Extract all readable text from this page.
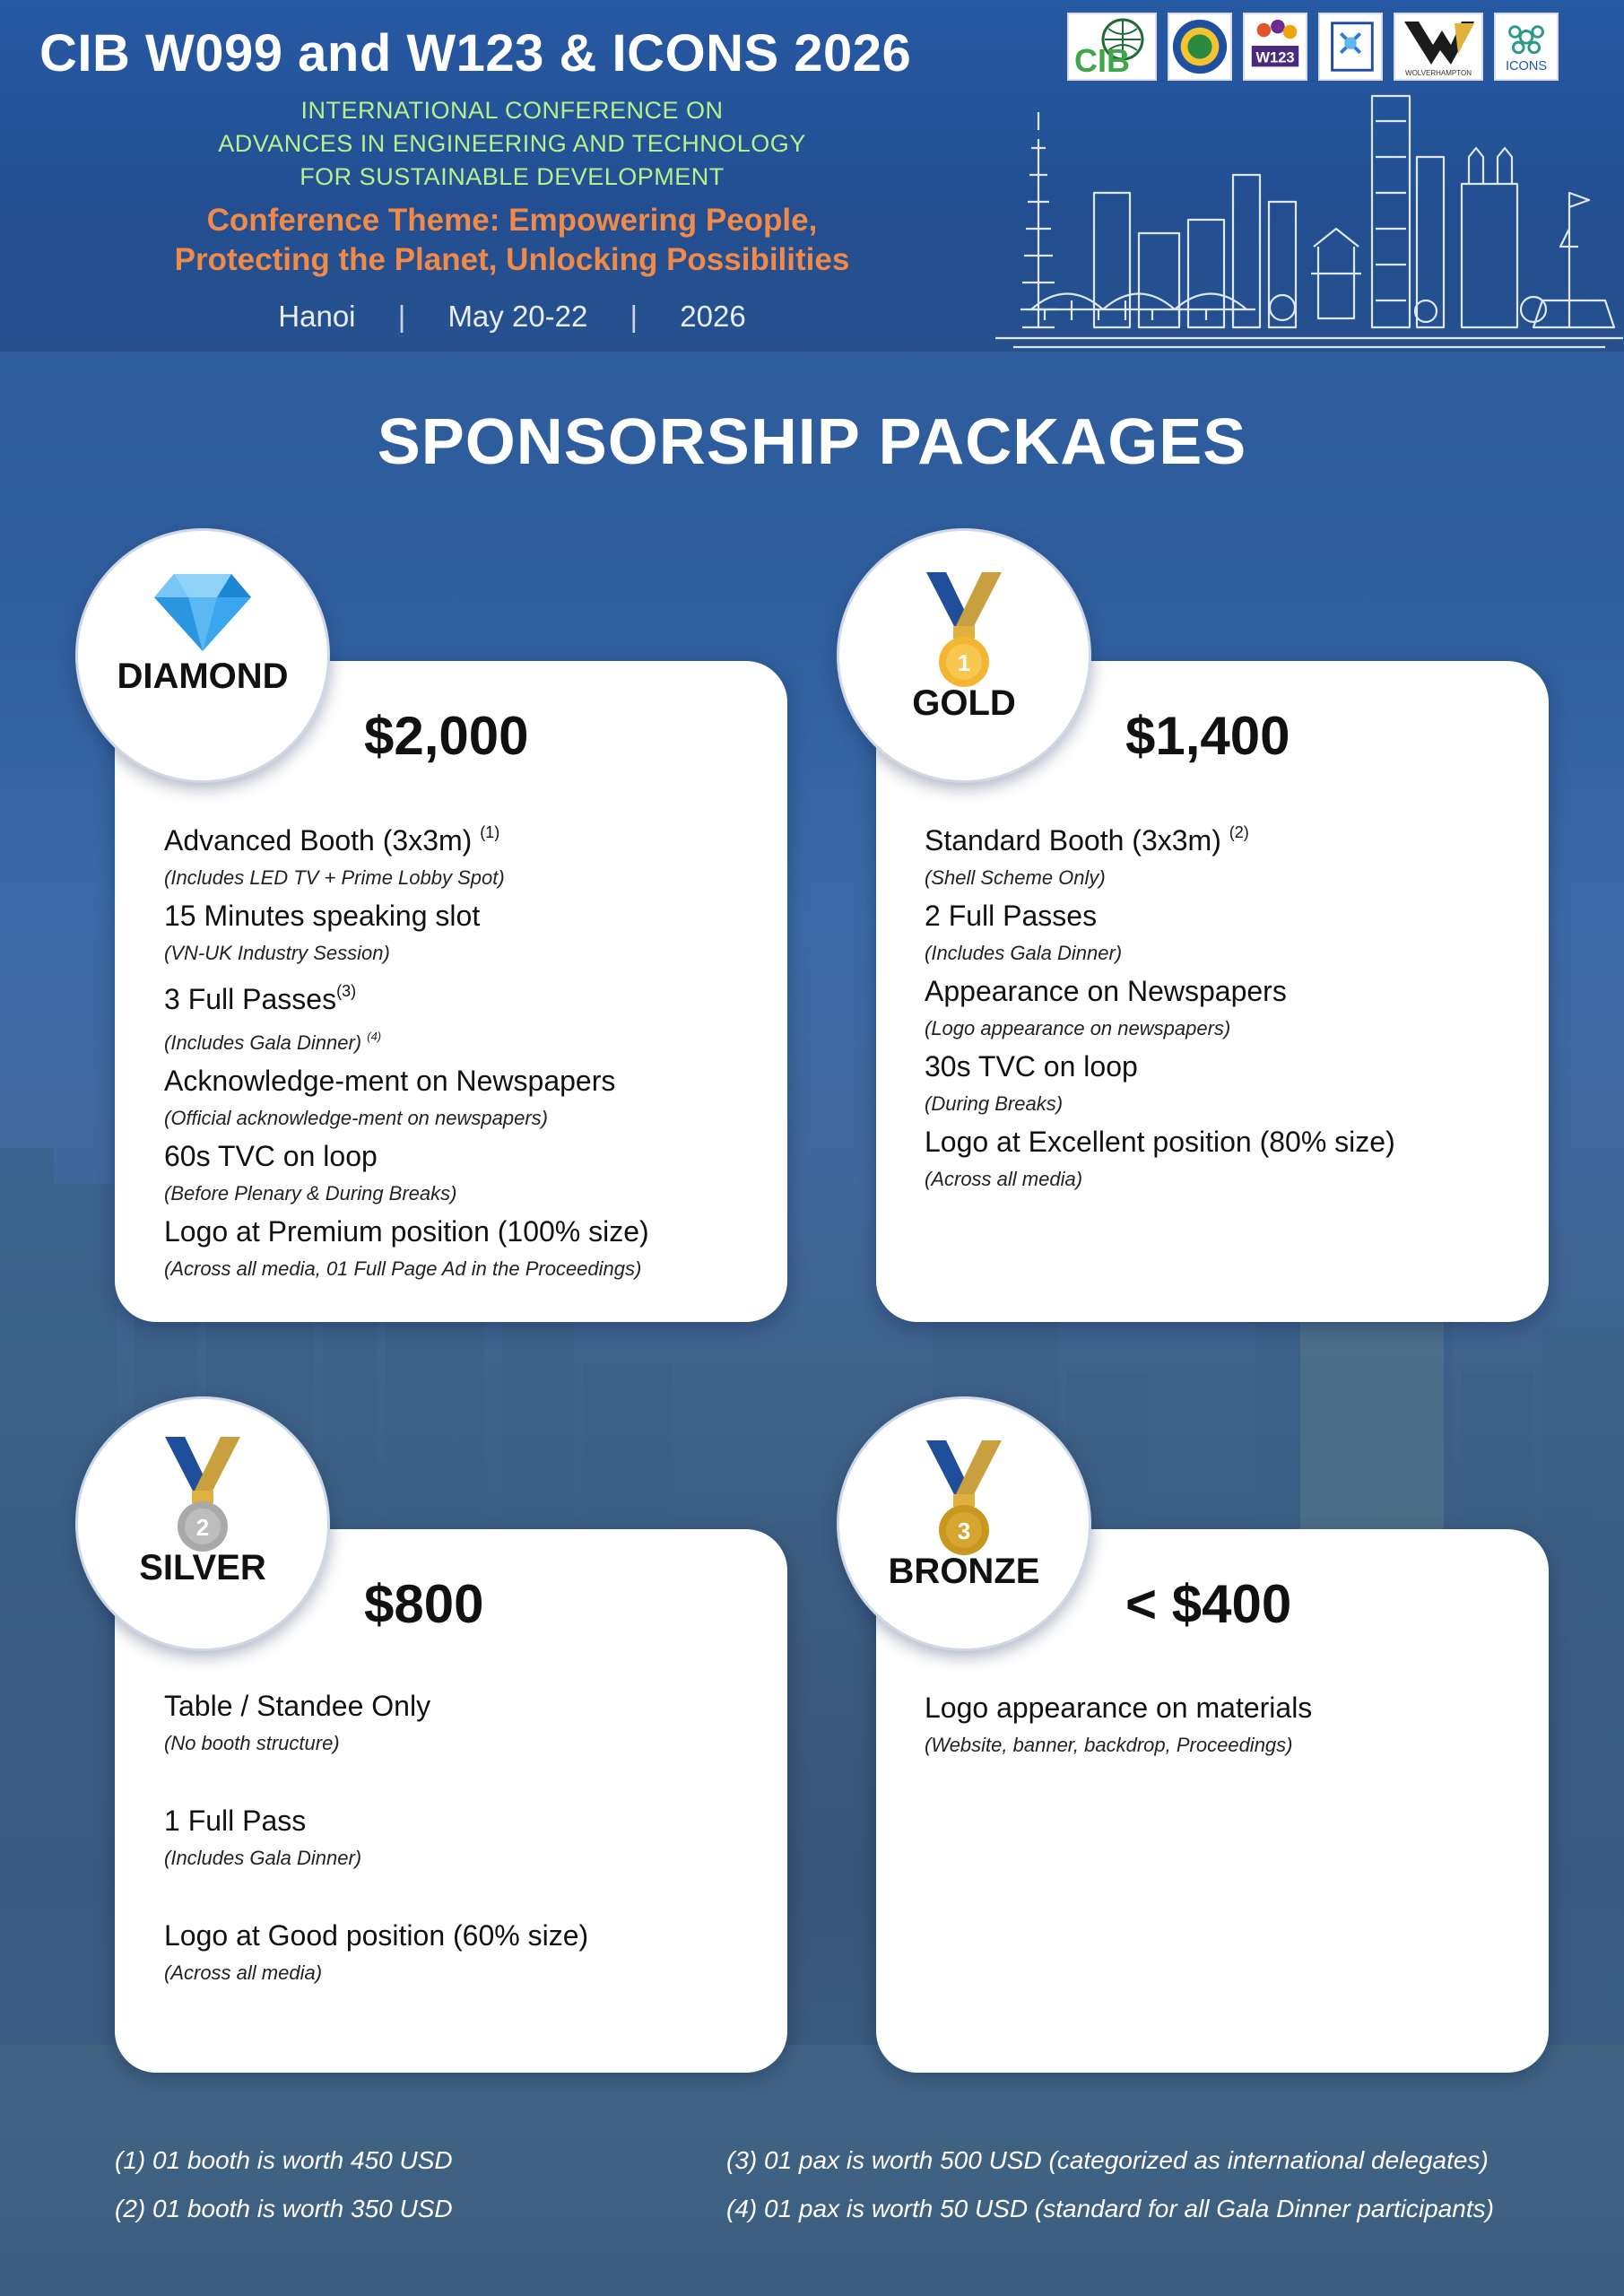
CIB W099 and W123 & ICONS 2026
INTERNATIONAL CONFERENCE ON
ADVANCES IN ENGINEERING AND TECHNOLOGY
FOR SUSTAINABLE DEVELOPMENT
Conference Theme: Empowering People,
Protecting the Planet, Unlocking Possibilities
Hanoi | May 20-22 | 2026
CIB	W123
WOLVERHAMPTON	ICONS
SPONSORSHIP PACKAGES
DIAMOND
$2,000
Advanced Booth (3x3m) $^{(1)}$
(Includes LED TV + Prime Lobby Spot)
15 Minutes speaking slot
(VN-UK Industry Session)
3 Full Passes$^{(3)}$
(Includes Gala Dinner) $^{(4)}$
Acknowledge-ment on Newspapers
(Official acknowledge-ment on newspapers)
60s TVC on loop
(Before Plenary & During Breaks)
Logo at Premium position (100% size)
(Across all media, 01 Full Page Ad in the Proceedings)
1
GOLD
$1,400
Standard Booth (3x3m) $^{(2)}$
(Shell Scheme Only)
2 Full Passes
(Includes Gala Dinner)
Appearance on Newspapers
(Logo appearance on newspapers)
30s TVC on loop
(During Breaks)
Logo at Excellent position (80% size)
(Across all media)
2
SILVER
$800
Table / Standee Only
(No booth structure)
1 Full Pass
(Includes Gala Dinner)
Logo at Good position (60% size)
(Across all media)
3
BRONZE
< $400
Logo appearance on materials
(Website, banner, backdrop, Proceedings)
(1) 01 booth is worth 450 USD
(2) 01 booth is worth 350 USD
(3) 01 pax is worth 500 USD (categorized as international delegates)
(4) 01 pax is worth 50 USD (standard for all Gala Dinner participants)
